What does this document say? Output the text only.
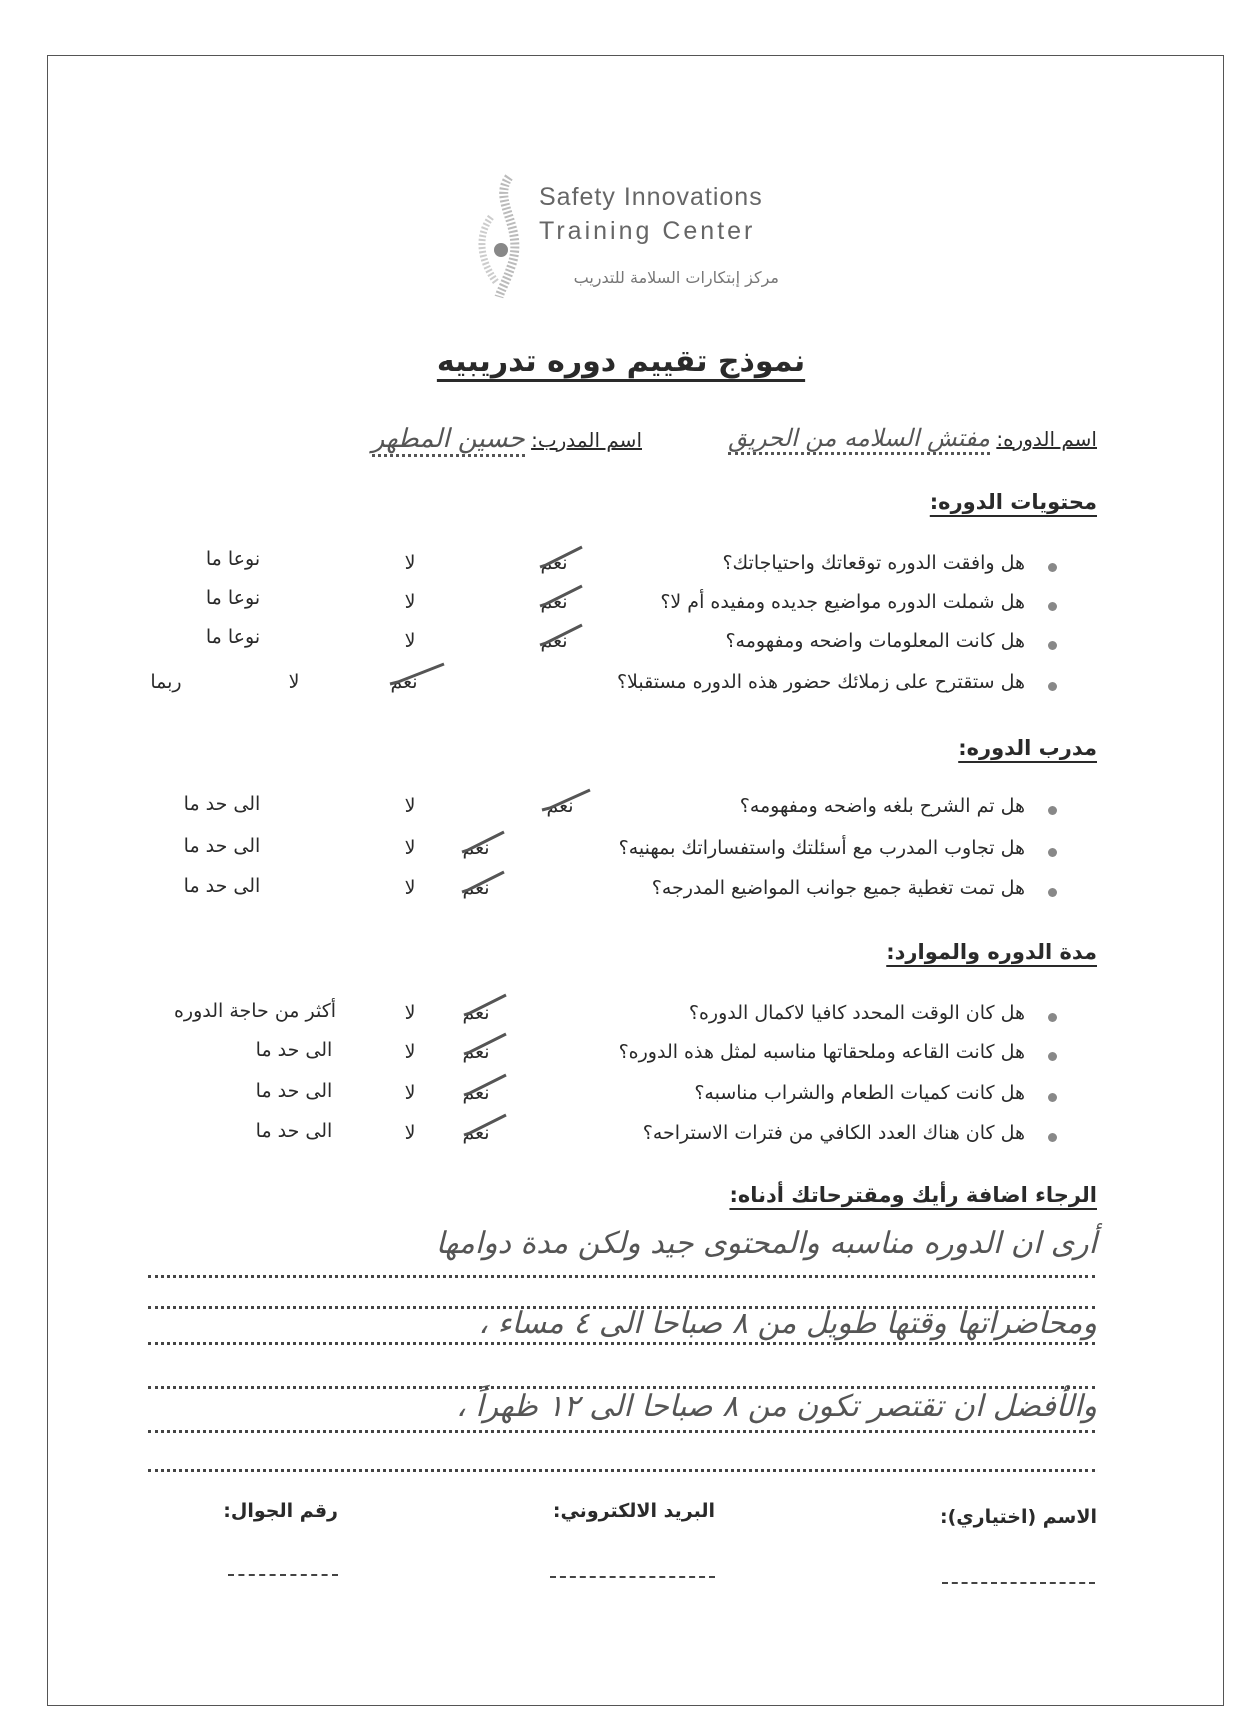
Safety Innovations
Training Center
مركز إبتكارات السلامة للتدريب
نموذج تقييم دوره تدريبيه
اسم الدوره: مفتش السلامه من الحريق
اسم المدرب: حسين المطهر
محتويات الدوره:
هل وافقت الدوره توقعاتك واحتياجاتك؟
نعم
لا
نوعا ما
هل شملت الدوره مواضيع جديده ومفيده أم لا؟
نعم
لا
نوعا ما
هل كانت المعلومات واضحه ومفهومه؟
نعم
لا
نوعا ما
هل ستقترح على زملائك حضور هذه الدوره مستقبلا؟
نعم
لا
ربما
مدرب الدوره:
هل تم الشرح بلغه واضحه ومفهومه؟
نعم
لا
الى حد ما
هل تجاوب المدرب مع أسئلتك واستفساراتك بمهنيه؟
نعم
لا
الى حد ما
هل تمت تغطية جميع جوانب المواضيع المدرجه؟
نعم
لا
الى حد ما
مدة الدوره والموارد:
هل كان الوقت المحدد كافيا لاكمال الدوره؟
نعم
لا
أكثر من حاجة الدوره
هل كانت القاعه وملحقاتها مناسبه لمثل هذه الدوره؟
نعم
لا
الى حد ما
هل كانت كميات الطعام والشراب مناسبه؟
نعم
لا
الى حد ما
هل كان هناك العدد الكافي من فترات الاستراحه؟
نعم
لا
الى حد ما
الرجاء اضافة رأيك ومقترحاتك أدناه:
أرى ان الدوره مناسبه والمحتوى جيد ولكن مدة دوامها
ومحاضراتها وقتها طويل من ٨ صباحا الى ٤ مساء ،
والأفضل ان تقتصر تكون من ٨ صباحا الى ١٢ ظهراً ،
الاسم (اختياري):
البريد الالكتروني:
رقم الجوال:
